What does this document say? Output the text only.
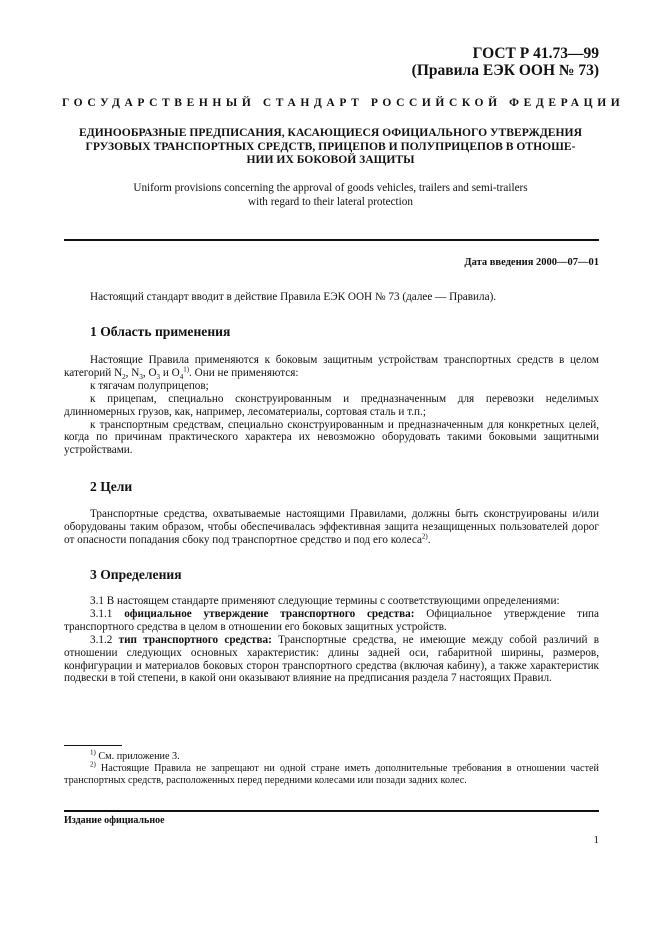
ГОСТ Р 41.73—99
(Правила ЕЭК ООН № 73)
ГОСУДАРСТВЕННЫЙ СТАНДАРТ РОССИЙСКОЙ ФЕДЕРАЦИИ
ЕДИНООБРАЗНЫЕ ПРЕДПИСАНИЯ, КАСАЮЩИЕСЯ ОФИЦИАЛЬНОГО УТВЕРЖДЕНИЯ
ГРУЗОВЫХ ТРАНСПОРТНЫХ СРЕДСТВ, ПРИЦЕПОВ И ПОЛУПРИЦЕПОВ В ОТНОШЕ-
НИИ ИХ БОКОВОЙ ЗАЩИТЫ
Uniform provisions concerning the approval of goods vehicles, trailers and semi-trailers
with regard to their lateral protection
Дата введения 2000—07—01

Настоящий стандарт вводит в действие Правила ЕЭК ООН № 73 (далее — Правила).

1 Область применения

Настоящие Правила применяются к боковым защитным устройствам транспортных средств в целом категорий $N_2$, $N_3$, $O_3$ и $O_4^{1)}$. Они не применяются:

к тягачам полуприцепов;

к прицепам, специально сконструированным и предназначенным для перевозки неделимых длинномерных грузов, как, например, лесоматериалы, сортовая сталь и т.п.;

к транспортным средствам, специально сконструированным и предназначенным для конкретных целей, когда по причинам практического характера их невозможно оборудовать такими боковыми защитными устройствами.

2 Цели

Транспортные средства, охватываемые настоящими Правилами, должны быть сконструированы и/или оборудованы таким образом, чтобы обеспечивалась эффективная защита незащищенных пользователей дорог от опасности попадания сбоку под транспортное средство и под его колеса$^{2)}$.

3 Определения

3.1 В настоящем стандарте применяют следующие термины с соответствующими определениями:

3.1.1 официальное утверждение транспортного средства: Официальное утверждение типа транспортного средства в целом в отношении его боковых защитных устройств.

3.1.2 тип транспортного средства: Транспортные средства, не имеющие между собой различий в отношении следующих основных характеристик: длины задней оси, габаритной ширины, размеров, конфигурации и материалов боковых сторон транспортного средства (включая кабину), а также характеристик подвески в той степени, в какой они оказывают влияние на предписания раздела 7 настоящих Правил.

$^{1)}$ См. приложение 3.

$^{2)}$ Настоящие Правила не запрещают ни одной стране иметь дополнительные требования в отношении частей транспортных средств, расположенных перед передними колесами или позади задних колес.

Издание официальное
1
